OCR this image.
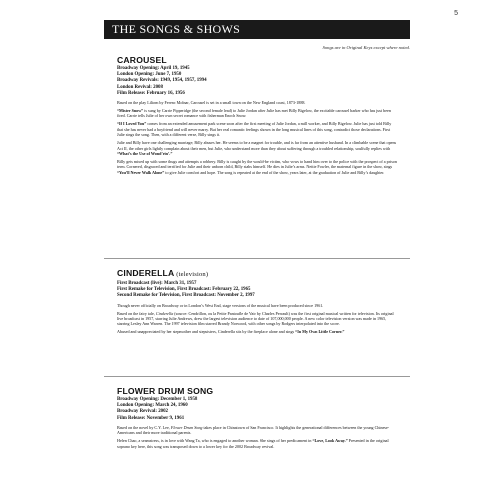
5
THE SONGS & SHOWS
Songs are in Original Keys except where noted.
CAROUSEL
Broadway Opening: April 19, 1945
London Opening: June 7, 1950
Broadway Revivals: 1949, 1954, 1957, 1994
London Revival: 2008
Film Release: February 16, 1956

Based on the play Liliom by Ferenc Molnar, Carousel is set in a small town on the New England coast, 1873-1888.

“Mister Snow” is sung by Carrie Pipperidge (the second female lead) to Julie Jordan after Julie has met Billy Bigelow, the excitable carousel barker who has just been fired. Carrie tells Julie of her own secret romance with fisherman Enoch Snow.

“If I Loved You” comes from an extended amusement park scene soon after the first meeting of Julie Jordan, a mill worker, and Billy Bigelow. Julie has just told Billy that she has never had a boyfriend and will never marry. But her real romantic feelings shown in the long musical lines of this song, contradict those declarations. First Julie sings the song. Then, with a different verse, Billy sings it.

Julie and Billy have one challenging marriage; Billy abuses her. He seems to be a magnet for trouble, and is far from an attentive husband. In a climbable scene that opens Act II, the other girls lightly complain about their men, but Julie, who understand more than they about suffering through a troubled relationship, soulfully replies with “What’s the Use of Wond’rin’.”

Billy gets mixed up with some thugs and attempts a robbery. Billy is caught by the would-be victim, who vows to hand him over to the police with the prospect of a prison term. Cornered, disgraced and terrified for Julie and their unborn child, Billy stabs himself. He dies in Julie’s arms. Nettie Fowler, the maternal figure in the show, sings “You’ll Never Walk Alone” to give Julie comfort and hope. The song is repeated at the end of the show, years later, at the graduation of Julie and Billy’s daughter.

CINDERELLA (television)
First Broadcast (live): March 31, 1957
First Remake for Television, First Broadcast: February 22, 1965
Second Remake for Television, First Broadcast: November 2, 1997

Though never officially on Broadway or in London’s West End, stage versions of the musical have been produced since 1961.

Based on the fairy tale, Cinderella (source: Cendrillon, ou la Petite Pantoufle de Vair by Charles Perrault) was the first original musical written for television. Its original live broadcast in 1957, starring Julie Andrews, drew the largest television audience to date of 107,000,000 people. A new color television version was made in 1965, starring Lesley Ann Warren. The 1997 television film starred Brandy Norwood, with other songs by Rodgers interpolated into the score.

Abused and unappreciated by her stepmother and stepsisters, Cinderella sits by the fireplace alone and sings “In My Own Little Corner.”

FLOWER DRUM SONG
Broadway Opening: December 1, 1958
London Opening: March 24, 1960
Broadway Revival: 2002
Film Release: November 9, 1961

Based on the novel by C.Y. Lee, Flower Drum Song takes place in Chinatown of San Francisco. It highlights the generational differences between the young Chinese-Americans and their more traditional parents.

Helen Chao, a seamstress, is in love with Wang Ta, who is engaged to another woman. She sings of her predicament in “Love, Look Away.” Presented in the original soprano key here, this song was transposed down to a lower key for the 2002 Broadway revival.
